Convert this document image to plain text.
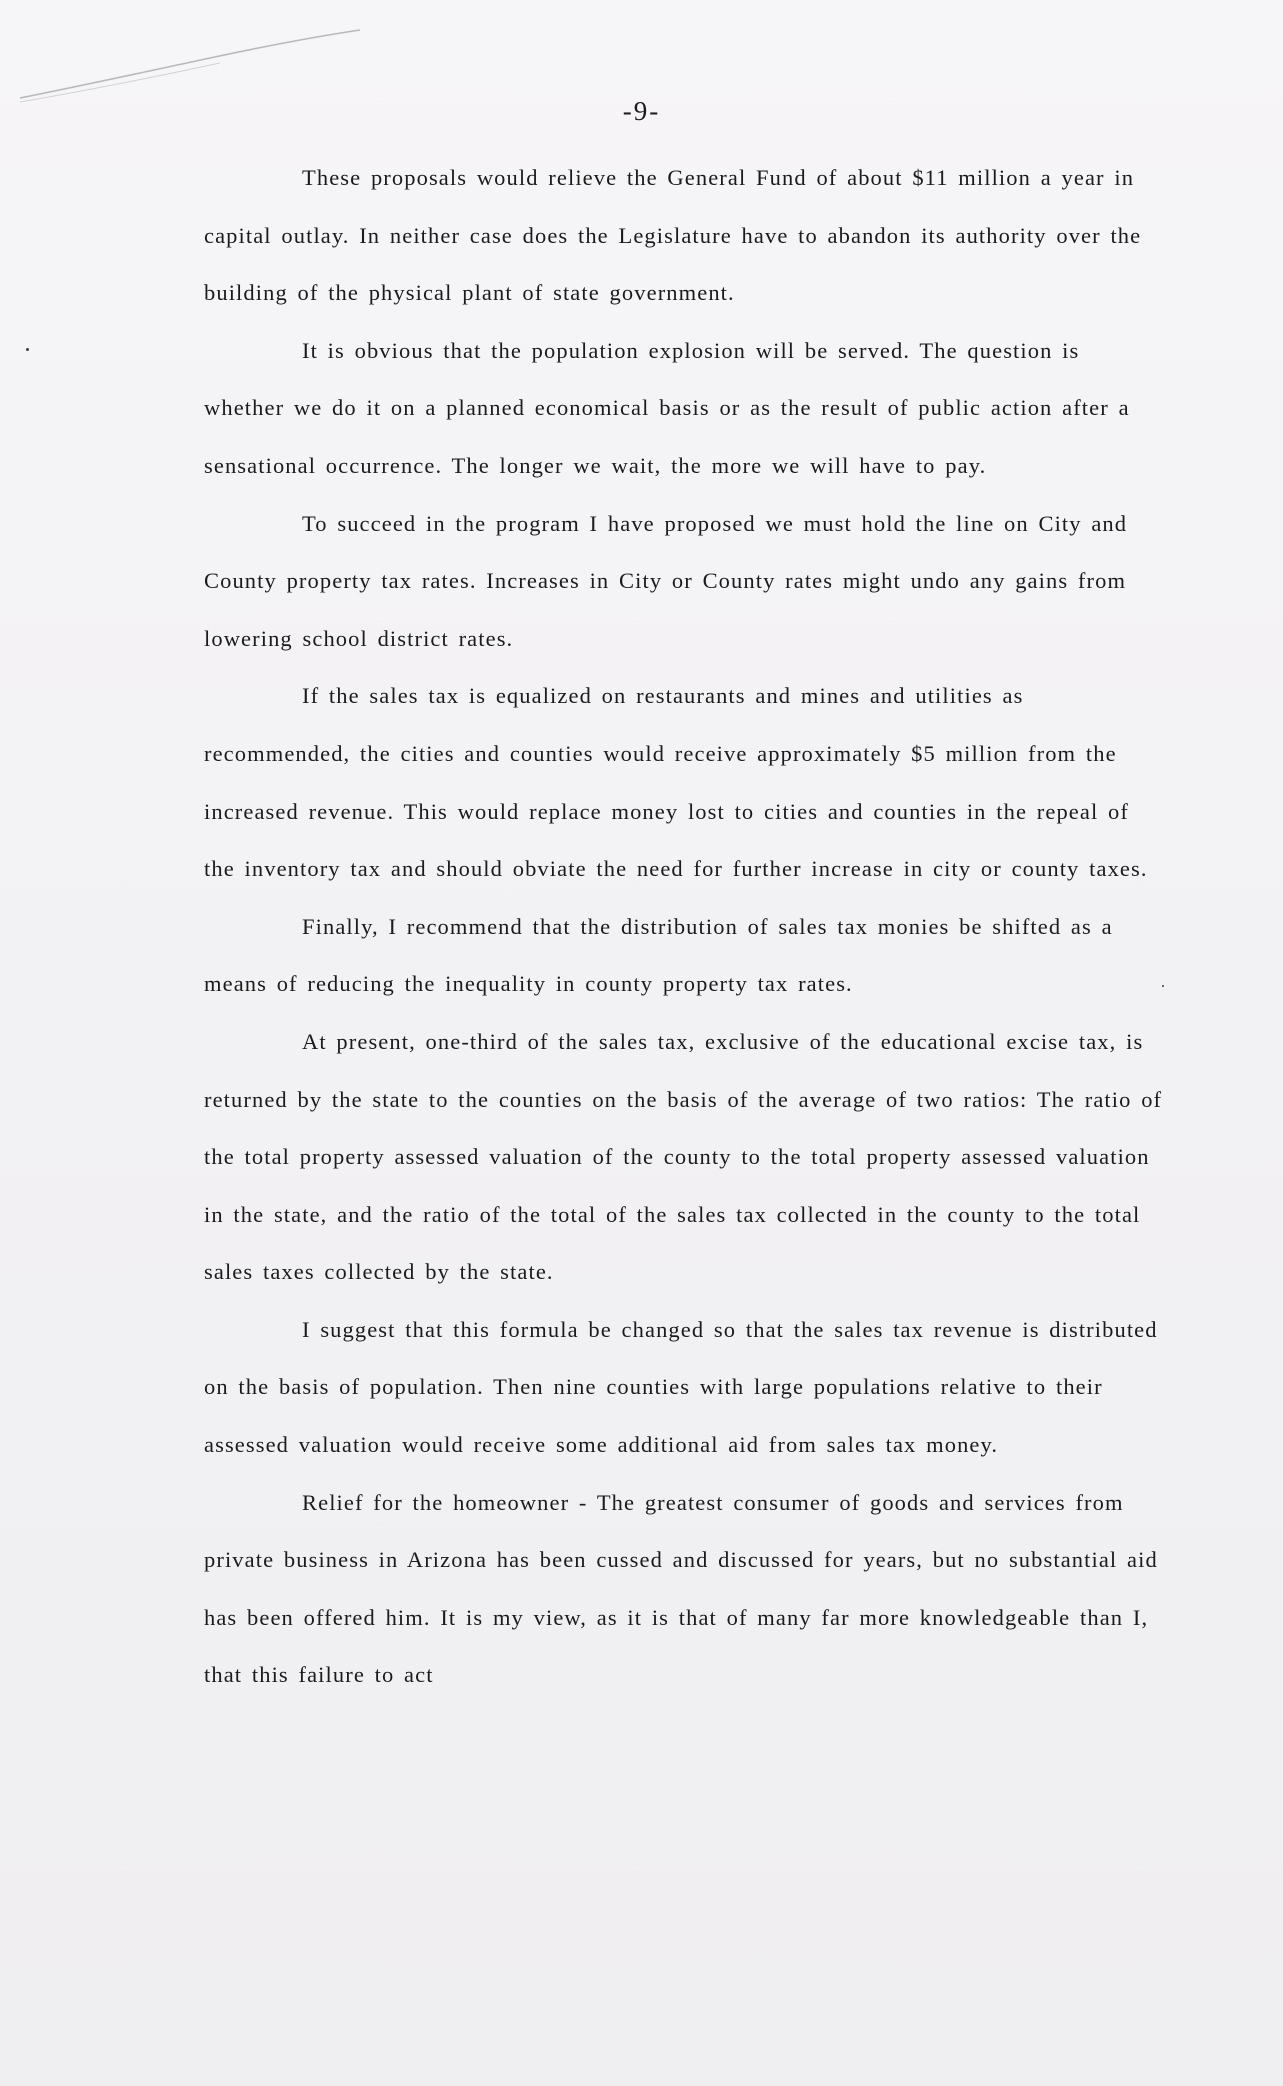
-9-

These proposals would relieve the General Fund of about $11 million a year in capital outlay. In neither case does the Legislature have to abandon its authority over the building of the physical plant of state government.

It is obvious that the population explosion will be served. The question is whether we do it on a planned economical basis or as the result of public action after a sensational occurrence. The longer we wait, the more we will have to pay.

To succeed in the program I have proposed we must hold the line on City and County property tax rates. Increases in City or County rates might undo any gains from lowering school district rates.

If the sales tax is equalized on restaurants and mines and utilities as recommended, the cities and counties would receive approximately $5 million from the increased revenue. This would replace money lost to cities and counties in the repeal of the inventory tax and should obviate the need for further increase in city or county taxes.

Finally, I recommend that the distribution of sales tax monies be shifted as a means of reducing the inequality in county property tax rates.

At present, one-third of the sales tax, exclusive of the educational excise tax, is returned by the state to the counties on the basis of the average of two ratios: The ratio of the total property assessed valuation of the county to the total property assessed valuation in the state, and the ratio of the total of the sales tax collected in the county to the total sales taxes collected by the state.

I suggest that this formula be changed so that the sales tax revenue is distributed on the basis of population. Then nine counties with large populations relative to their assessed valuation would receive some additional aid from sales tax money.

Relief for the homeowner - The greatest consumer of goods and services from private business in Arizona has been cussed and discussed for years, but no substantial aid has been offered him. It is my view, as it is that of many far more knowledgeable than I, that this failure to act
